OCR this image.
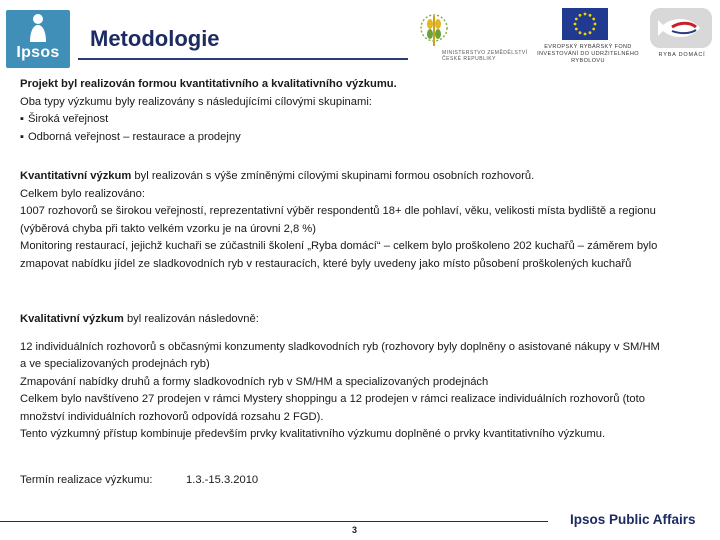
Ipsos
Metodologie
MINISTERSTVO ZEMĚDĚLSTVÍ ČESKÉ REPUBLIKY
EVROPSKÝ RYBÁŘSKÝ FOND INVESTOVÁNÍ DO UDRŽITELNÉHO RYBOLOVU
RYBA DOMÁCÍ

Projekt byl realizován formou kvantitativního a kvalitativního výzkumu.

Oba typy výzkumu byly realizovány s následujícími cílovými skupinami:

▪ Široká veřejnost

▪ Odborná veřejnost – restaurace a prodejny

Kvantitativní výzkum byl realizován s výše zmíněnými cílovými skupinami formou osobních rozhovorů.

Celkem bylo realizováno:

1007 rozhovorů se širokou veřejností, reprezentativní výběr respondentů 18+ dle pohlaví, věku, velikosti místa bydliště a regionu

(výběrová chyba při takto velkém vzorku je na úrovni 2,8 %)

Monitoring restaurací, jejichž kuchaři se zúčastnili školení „Ryba domácí“ – celkem bylo proškoleno 202 kuchařů – záměrem bylo

zmapovat nabídku jídel ze sladkovodních ryb v restauracích, které byly uvedeny jako místo působení proškolených kuchařů

Kvalitativní výzkum byl realizován následovně:

12 individuálních rozhovorů s občasnými konzumenty sladkovodních ryb (rozhovory byly doplněny o asistované nákupy v SM/HM

a ve specializovaných prodejnách ryb)

Zmapování nabídky druhů a formy sladkovodních ryb v SM/HM a specializovaných prodejnách

Celkem bylo navštíveno 27 prodejen v rámci Mystery shoppingu a 12 prodejen v rámci realizace individuálních rozhovorů (toto

množství individuálních rozhovorů odpovídá rozsahu 2 FGD).

Tento výzkumný přístup kombinuje především prvky kvalitativního výzkumu doplněné o prvky kvantitativního výzkumu.

Termín realizace výzkumu:	1.3.-15.3.2010
3
Ipsos Public Affairs
